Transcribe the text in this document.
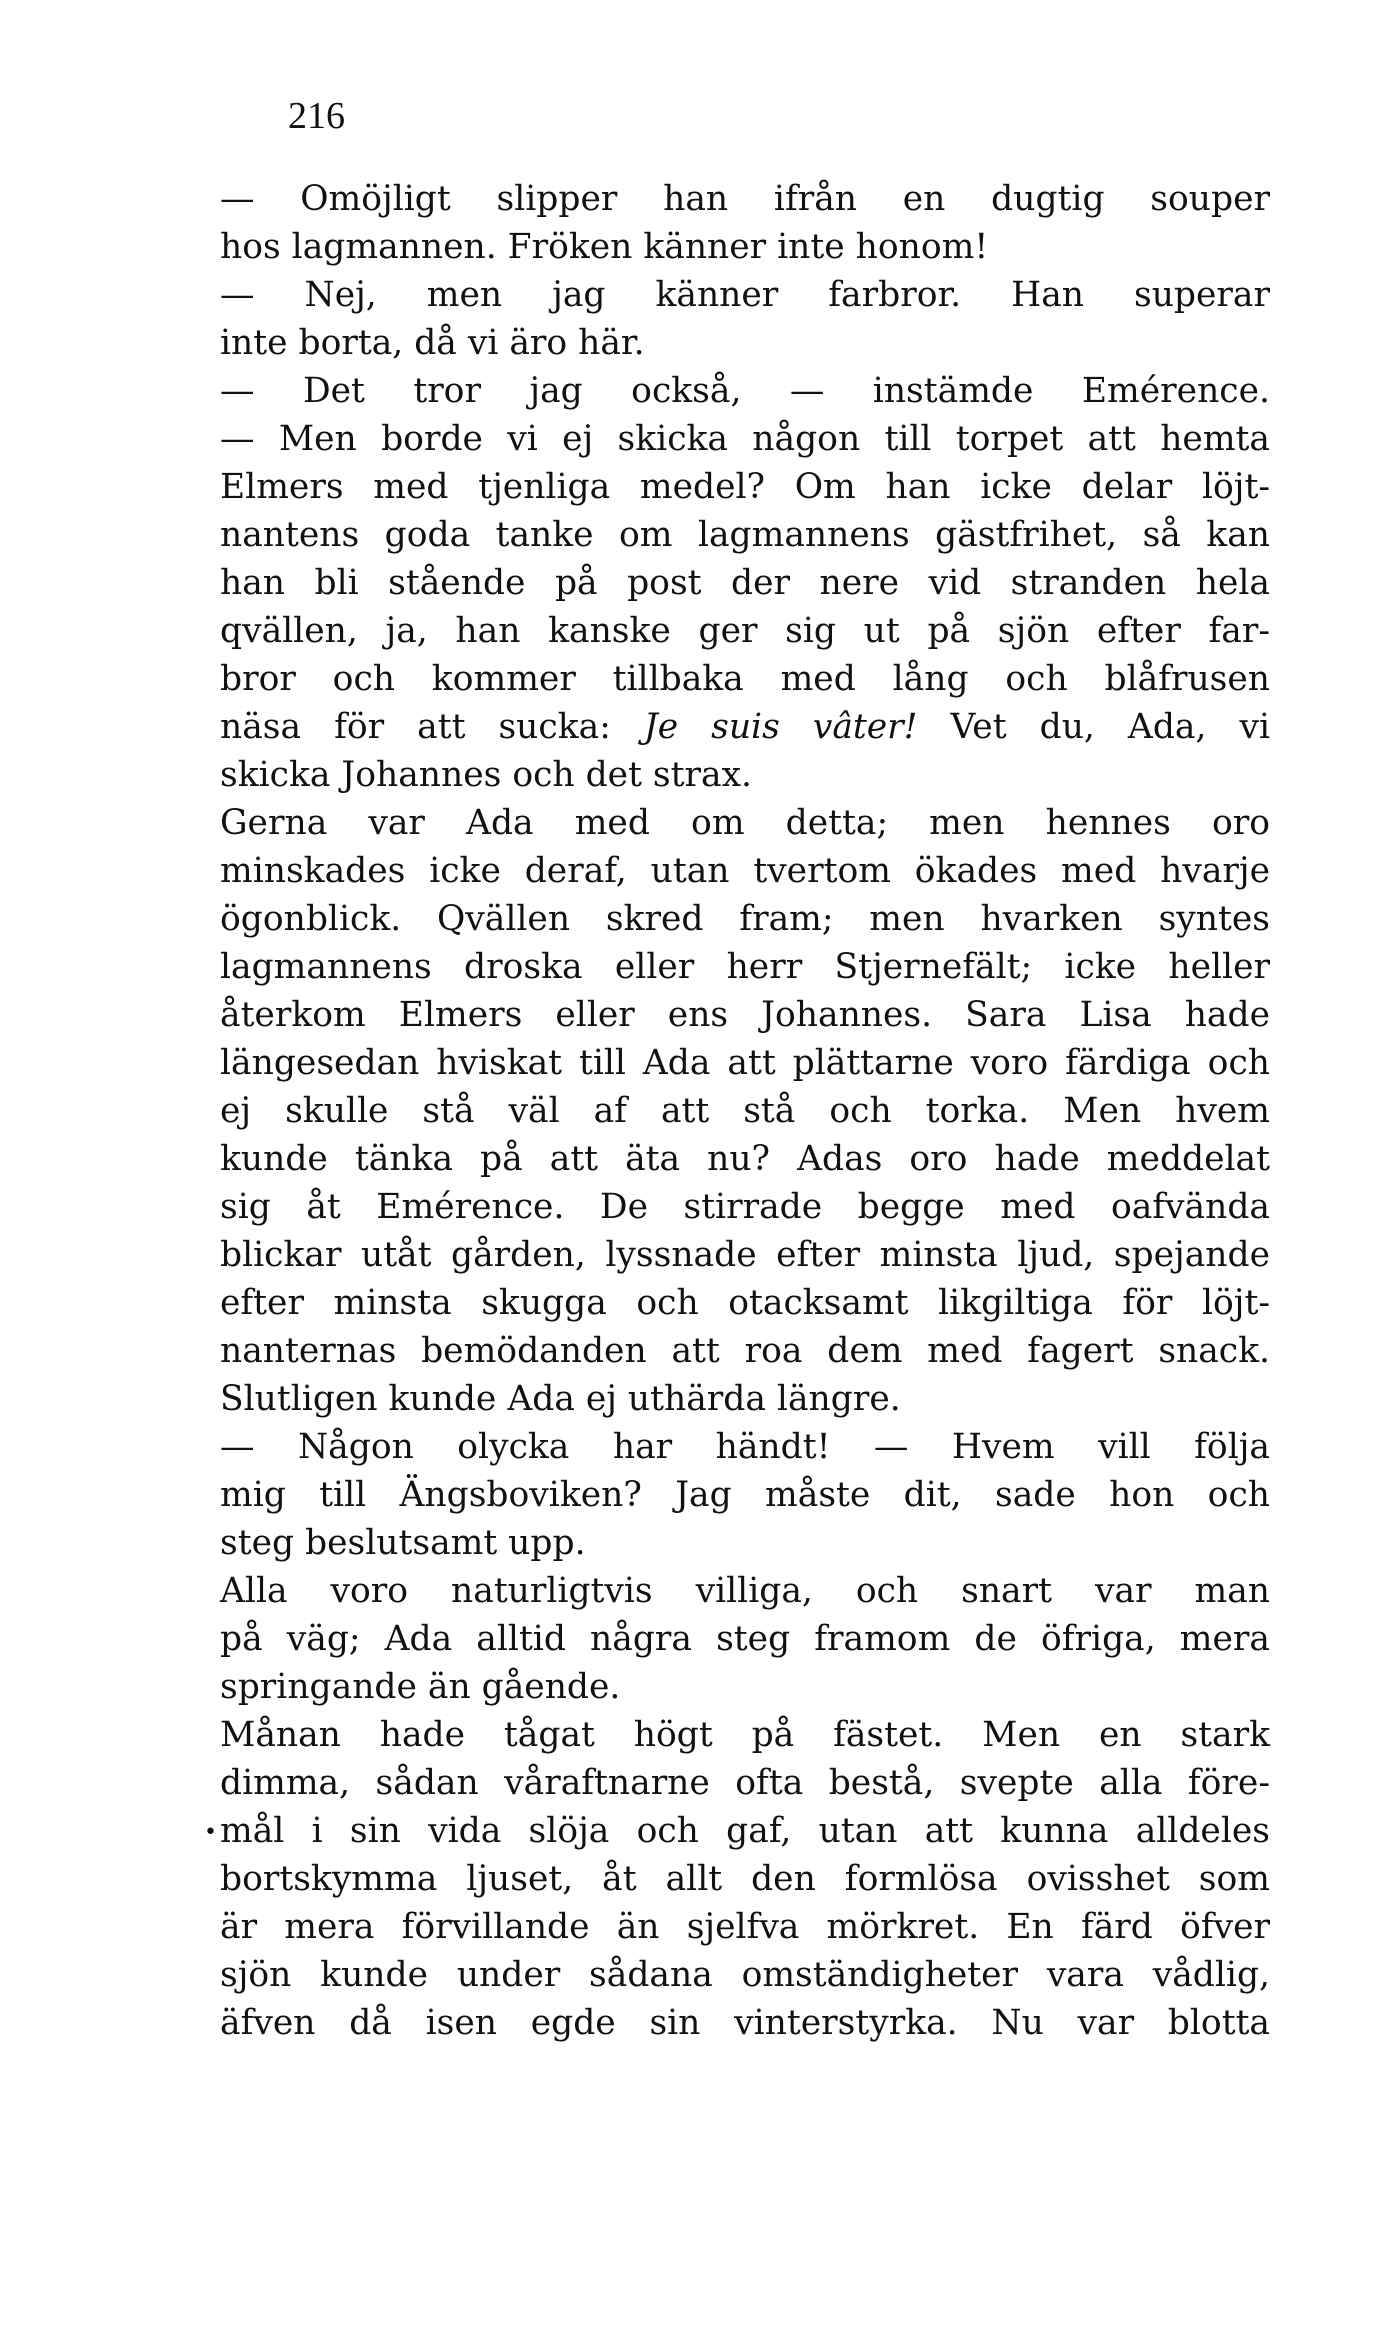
216
•
— Omöjligt slipper han ifrån en dugtig souper
hos lagmannen. Fröken känner inte honom!
— Nej, men jag känner farbror. Han superar
inte borta, då vi äro här.
— Det tror jag också, — instämde Emérence.
— Men borde vi ej skicka någon till torpet att hemta
Elmers med tjenliga medel? Om han icke delar löjt-
nantens goda tanke om lagmannens gästfrihet, så kan
han bli stående på post der nere vid stranden hela
qvällen, ja, han kanske ger sig ut på sjön efter far-
bror och kommer tillbaka med lång och blåfrusen
näsa för att sucka: Je suis vâter! Vet du, Ada, vi
skicka Johannes och det strax.
Gerna var Ada med om detta; men hennes oro
minskades icke deraf, utan tvertom ökades med hvarje
ögonblick. Qvällen skred fram; men hvarken syntes
lagmannens droska eller herr Stjernefält; icke heller
återkom Elmers eller ens Johannes. Sara Lisa hade
längesedan hviskat till Ada att plättarne voro färdiga och
ej skulle stå väl af att stå och torka. Men hvem
kunde tänka på att äta nu? Adas oro hade meddelat
sig åt Emérence. De stirrade begge med oafvända
blickar utåt gården, lyssnade efter minsta ljud, spejande
efter minsta skugga och otacksamt likgiltiga för löjt-
nanternas bemödanden att roa dem med fagert snack.
Slutligen kunde Ada ej uthärda längre.
— Någon olycka har händt! — Hvem vill följa
mig till Ängsboviken? Jag måste dit, sade hon och
steg beslutsamt upp.
Alla voro naturligtvis villiga, och snart var man
på väg; Ada alltid några steg framom de öfriga, mera
springande än gående.
Månan hade tågat högt på fästet. Men en stark
dimma, sådan våraftnarne ofta bestå, svepte alla före-
mål i sin vida slöja och gaf, utan att kunna alldeles
bortskymma ljuset, åt allt den formlösa ovisshet som
är mera förvillande än sjelfva mörkret. En färd öfver
sjön kunde under sådana omständigheter vara vådlig,
äfven då isen egde sin vinterstyrka. Nu var blotta
